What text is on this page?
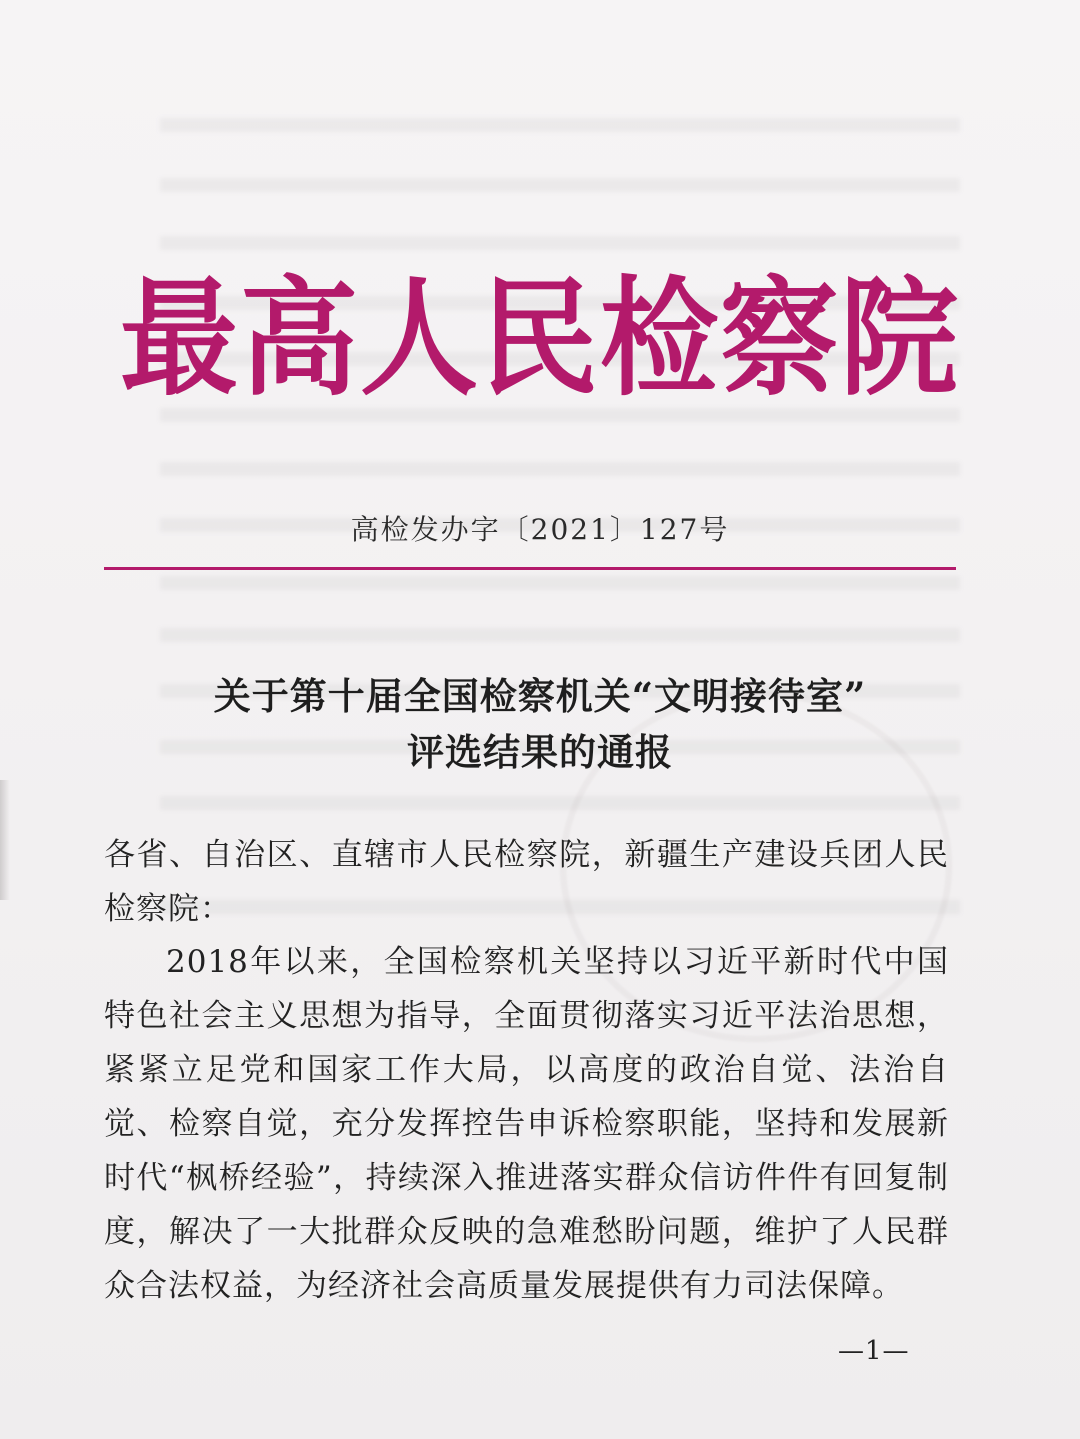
最高人民检察院
高检发办字〔2021〕127号
关于第十届全国检察机关“文明接待室”
评选结果的通报
各省、自治区、直辖市人民检察院，新疆生产建设兵团人民检察院：
2018年以来，全国检察机关坚持以习近平新时代中国特色社会主义思想为指导，全面贯彻落实习近平法治思想，紧紧立足党和国家工作大局，以高度的政治自觉、法治自觉、检察自觉，充分发挥控告申诉检察职能，坚持和发展新时代“枫桥经验”，持续深入推进落实群众信访件件有回复制度，解决了一大批群众反映的急难愁盼问题，维护了人民群众合法权益，为经济社会高质量发展提供有力司法保障。
—1—
